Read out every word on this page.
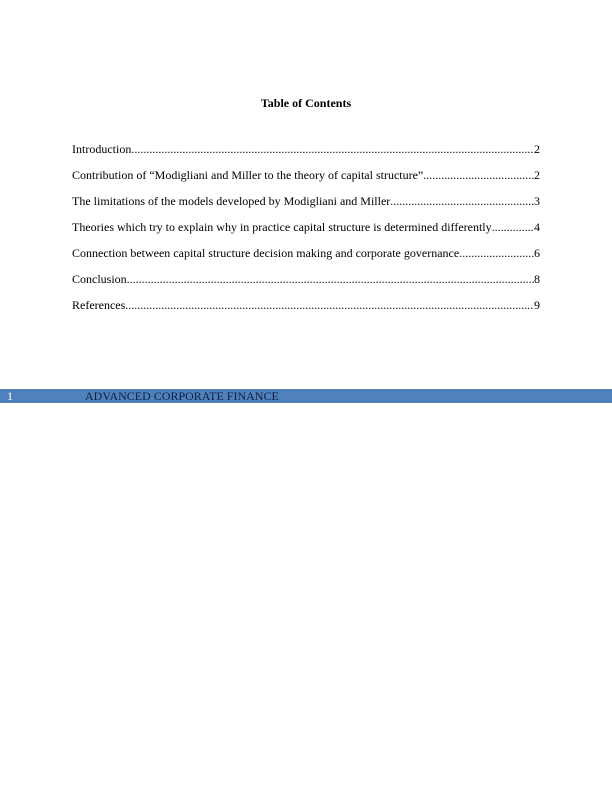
Table of Contents
Introduction .....	2
Contribution of “Modigliani and Miller to the theory of capital structure” .....	2
The limitations of the models developed by Modigliani and Miller .....	3
Theories which try to explain why in practice capital structure is determined differently .....	4
Connection between capital structure decision making and corporate governance .....	6
Conclusion .....	8
References .....	9
1	ADVANCED CORPORATE FINANCE
